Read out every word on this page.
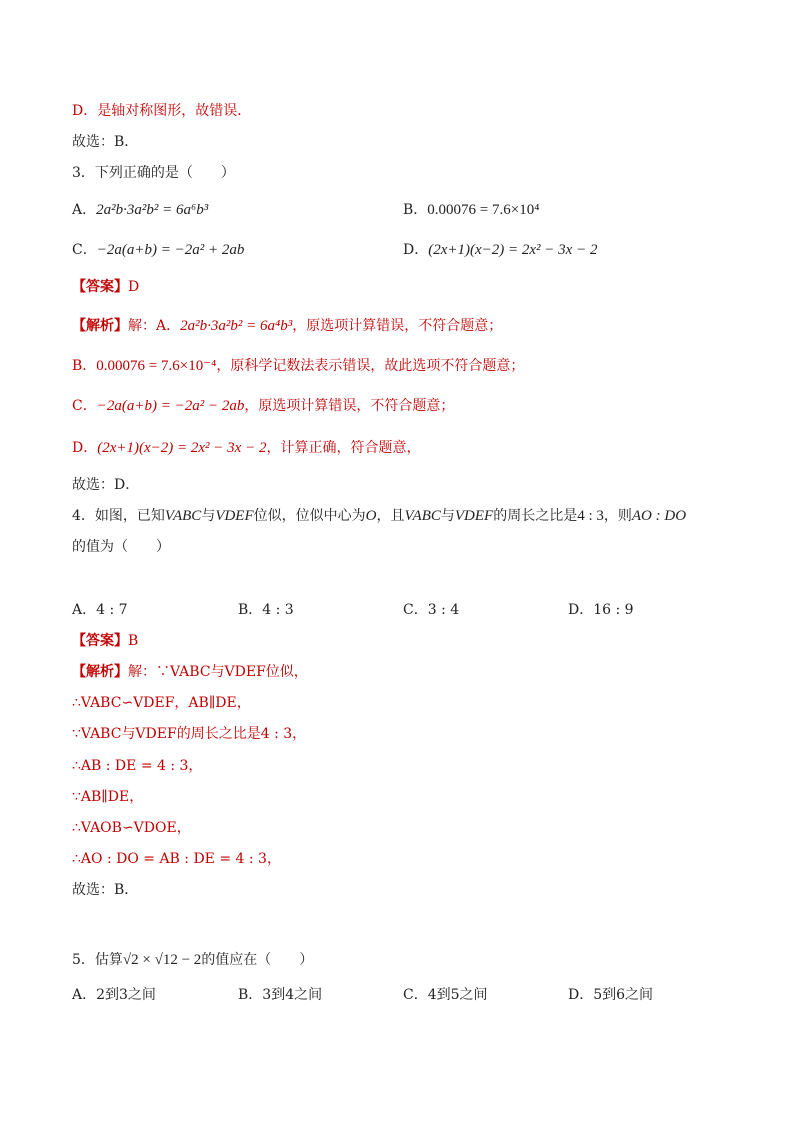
D．是轴对称图形，故错误．
故选：B．
3．下列正确的是（　　）
A．2a²b·3a²b² = 6a⁶b³	B．0.00076 = 7.6×10⁴
C．−2a(a+b) = −2a² + 2ab	D．(2x+1)(x−2) = 2x² − 3x − 2
【答案】D
【解析】解：A．2a²b·3a²b² = 6a⁴b³，原选项计算错误，不符合题意；
B．0.00076 = 7.6×10⁻⁴，原科学记数法表示错误，故此选项不符合题意；
C．−2a(a+b) = −2a² − 2ab，原选项计算错误，不符合题意；
D．(2x+1)(x−2) = 2x² − 3x − 2，计算正确，符合题意，
故选：D．
4．如图，已知VABC与VDEF位似，位似中心为O，且VABC与VDEF的周长之比是4 : 3，则AO : DO
的值为（　　）
A．4 : 7	B．4 : 3	C．3 : 4	D．16 : 9
【答案】B
【解析】解：∵VABC与VDEF位似，
∴VABC∽VDEF，AB∥DE，
∵VABC与VDEF的周长之比是4 : 3，
∴AB : DE = 4 : 3，
∵AB∥DE，
∴VAOB∽VDOE，
∴AO : DO = AB : DE = 4 : 3，
故选：B．
5．估算√2 × √12 − 2的值应在（　　）
A．2到3之间	B．3到4之间	C．4到5之间	D．5到6之间
